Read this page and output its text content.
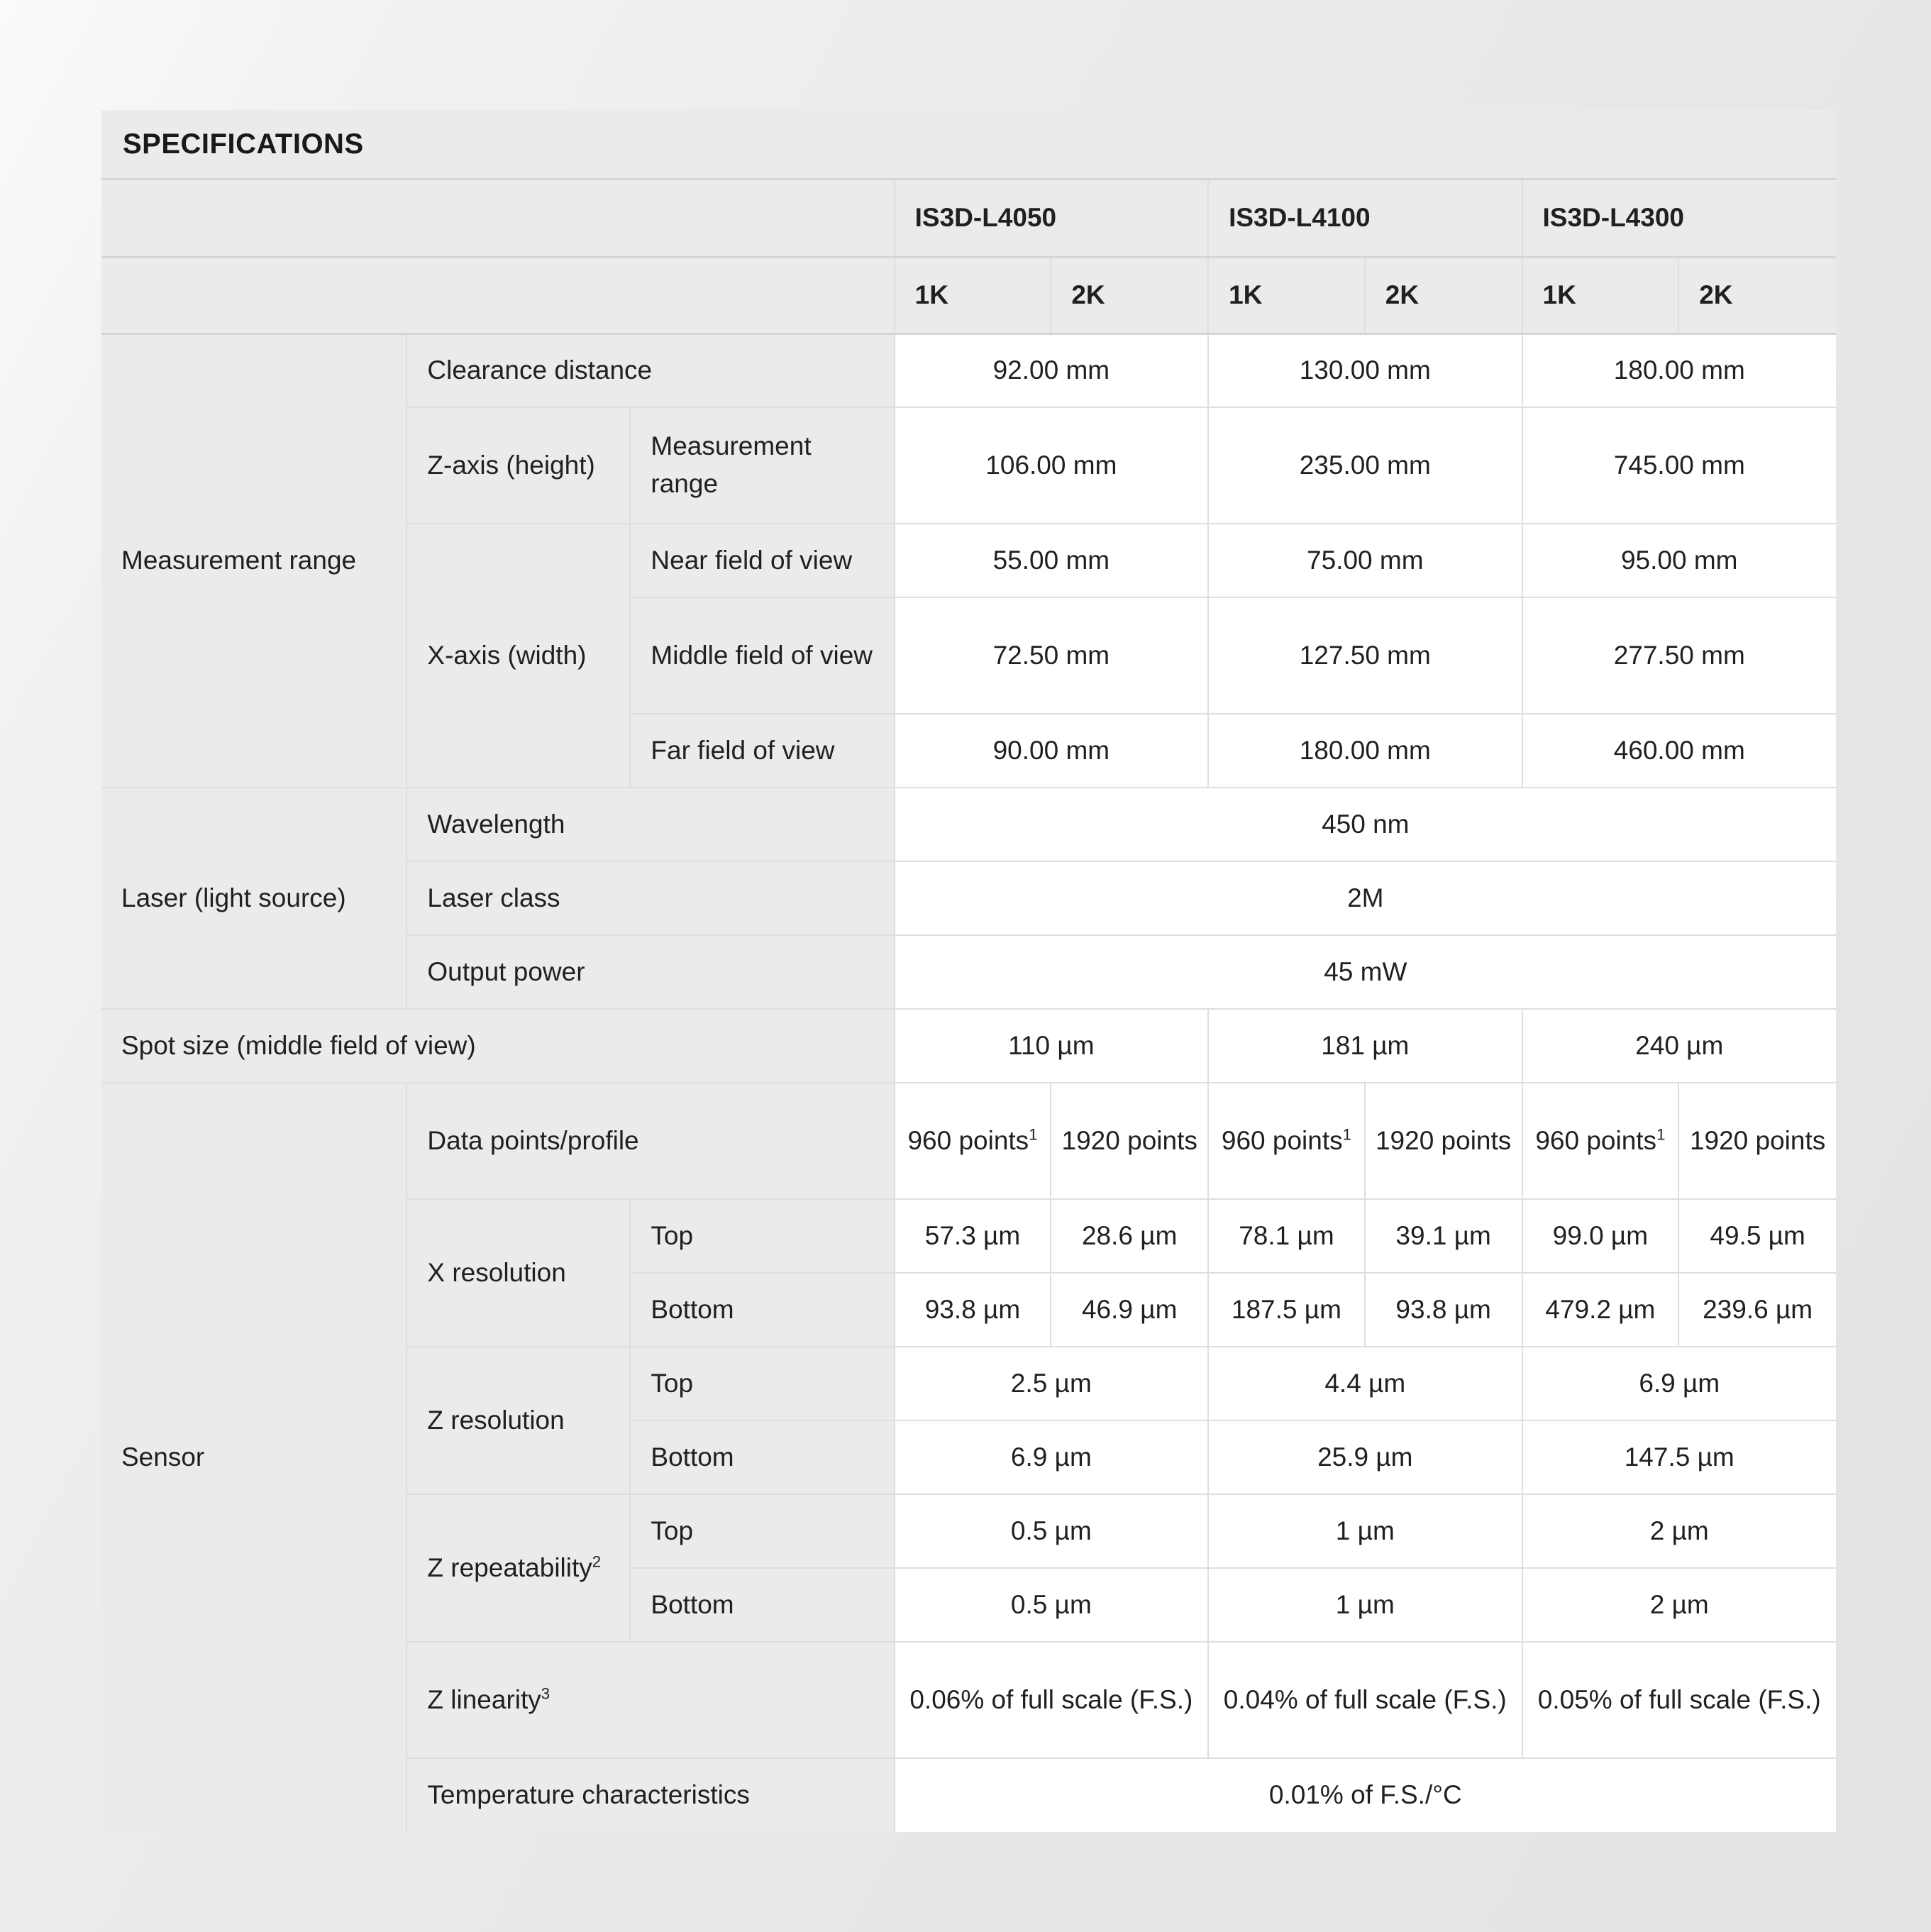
SPECIFICATIONS
			IS3D-L4050		IS3D-L4100		IS3D-L4300	
			1K	2K	1K	2K	1K	2K
Measurement range	Clearance distance		92.00 mm		130.00 mm		180.00 mm	
	Z-axis (height)	Measurement range	106.00 mm		235.00 mm		745.00 mm	
	X-axis (width)	Near field of view	55.00 mm		75.00 mm		95.00 mm	
		Middle field of view	72.50 mm		127.50 mm		277.50 mm	
		Far field of view	90.00 mm		180.00 mm		460.00 mm	
Laser (light source)	Wavelength		450 nm					
	Laser class		2M					
	Output power		45 mW					
Spot size (middle field of view)			110 µm		181 µm		240 µm	
Sensor	Data points/profile		960 points$^1$	1920 points	960 points$^1$	1920 points	960 points$^1$	1920 points
	X resolution	Top	57.3 µm	28.6 µm	78.1 µm	39.1 µm	99.0 µm	49.5 µm
		Bottom	93.8 µm	46.9 µm	187.5 µm	93.8 µm	479.2 µm	239.6 µm
	Z resolution	Top	2.5 µm		4.4 µm		6.9 µm	
		Bottom	6.9 µm		25.9 µm		147.5 µm	
	Z repeatability$^2$	Top	0.5 µm		1 µm		2 µm	
		Bottom	0.5 µm		1 µm		2 µm	
	Z linearity$^3$		0.06% of full scale (F.S.)		0.04% of full scale (F.S.)		0.05% of full scale (F.S.)	
	Temperature characteristics		0.01% of F.S./°C					
